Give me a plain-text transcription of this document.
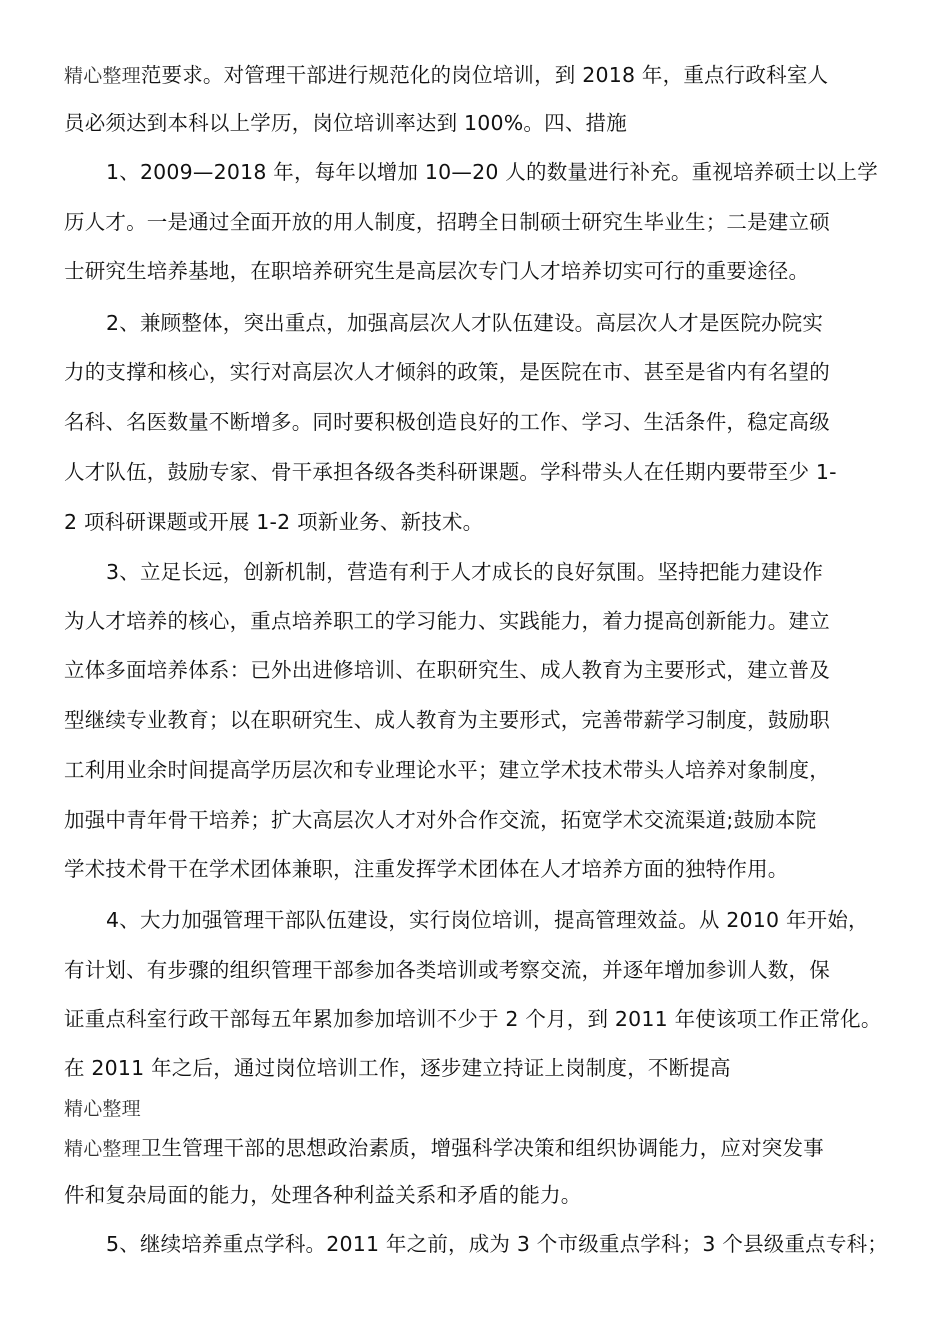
精心整理范要求。对管理干部进行规范化的岗位培训，到 2018 年，重点行政科室人
员必须达到本科以上学历，岗位培训率达到 100%。四、措施
1、2009—2018 年，每年以增加 10—20 人的数量进行补充。重视培养硕士以上学
历人才。一是通过全面开放的用人制度，招聘全日制硕士研究生毕业生；二是建立硕
士研究生培养基地，在职培养研究生是高层次专门人才培养切实可行的重要途径。
2、兼顾整体，突出重点，加强高层次人才队伍建设。高层次人才是医院办院实
力的支撑和核心，实行对高层次人才倾斜的政策，是医院在市、甚至是省内有名望的
名科、名医数量不断增多。同时要积极创造良好的工作、学习、生活条件，稳定高级
人才队伍，鼓励专家、骨干承担各级各类科研课题。学科带头人在任期内要带至少 1-
2 项科研课题或开展 1-2 项新业务、新技术。
3、立足长远，创新机制，营造有利于人才成长的良好氛围。坚持把能力建设作
为人才培养的核心，重点培养职工的学习能力、实践能力，着力提高创新能力。建立
立体多面培养体系：已外出进修培训、在职研究生、成人教育为主要形式，建立普及
型继续专业教育；以在职研究生、成人教育为主要形式，完善带薪学习制度，鼓励职
工利用业余时间提高学历层次和专业理论水平；建立学术技术带头人培养对象制度，
加强中青年骨干培养；扩大高层次人才对外合作交流，拓宽学术交流渠道;鼓励本院
学术技术骨干在学术团体兼职，注重发挥学术团体在人才培养方面的独特作用。
4、大力加强管理干部队伍建设，实行岗位培训，提高管理效益。从 2010 年开始，
有计划、有步骤的组织管理干部参加各类培训或考察交流，并逐年增加参训人数，保
证重点科室行政干部每五年累加参加培训不少于 2 个月，到 2011 年使该项工作正常化。
在 2011 年之后，通过岗位培训工作，逐步建立持证上岗制度，不断提高
精心整理
精心整理卫生管理干部的思想政治素质，增强科学决策和组织协调能力，应对突发事
件和复杂局面的能力，处理各种利益关系和矛盾的能力。
5、继续培养重点学科。2011 年之前，成为 3 个市级重点学科；3 个县级重点专科；
